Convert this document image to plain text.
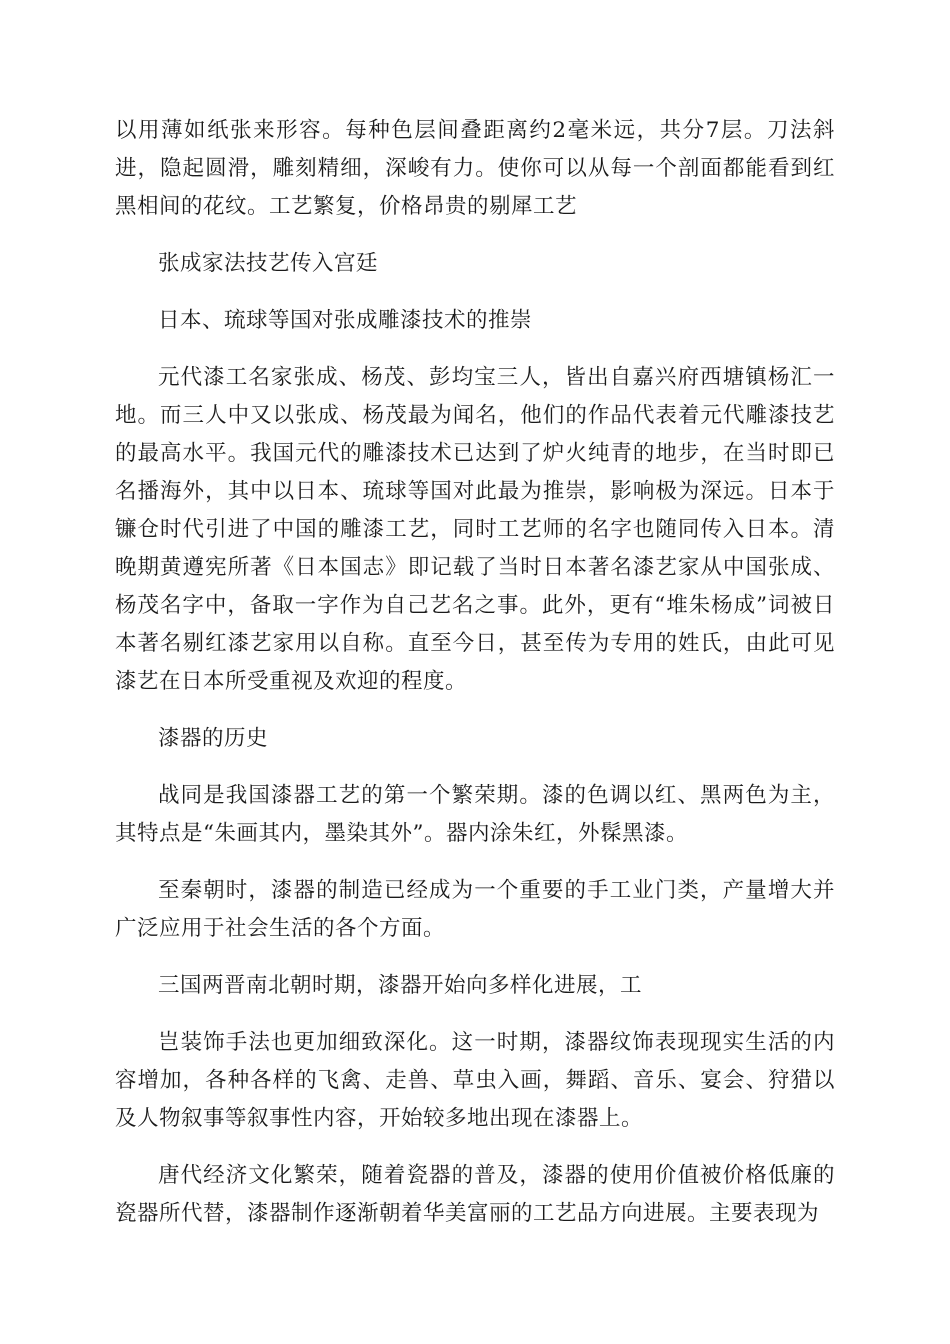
以用薄如纸张来形容。每种色层间叠距离约2毫米远，共分7层。刀法斜进，隐起圆滑，雕刻精细，深峻有力。使你可以从每一个剖面都能看到红黑相间的花纹。工艺繁复，价格昂贵的剔犀工艺

张成家法技艺传入宫廷

日本、琉球等国对张成雕漆技术的推崇

元代漆工名家张成、杨茂、彭均宝三人，皆出自嘉兴府西塘镇杨汇一地。而三人中又以张成、杨茂最为闻名，他们的作品代表着元代雕漆技艺的最高水平。我国元代的雕漆技术已达到了炉火纯青的地步，在当时即已名播海外，其中以日本、琉球等国对此最为推崇，影响极为深远。日本于镰仓时代引进了中国的雕漆工艺，同时工艺师的名字也随同传入日本。清晚期黄遵宪所著《日本国志》即记载了当时日本著名漆艺家从中国张成、杨茂名字中，备取一字作为自己艺名之事。此外，更有“堆朱杨成”词被日本著名剔红漆艺家用以自称。直至今日，甚至传为专用的姓氏，由此可见漆艺在日本所受重视及欢迎的程度。

漆器的历史

战同是我国漆器工艺的第一个繁荣期。漆的色调以红、黑两色为主，其特点是“朱画其内，墨染其外”。器内涂朱红，外髹黑漆。

至秦朝时，漆器的制造已经成为一个重要的手工业门类，产量增大并广泛应用于社会生活的各个方面。

三国两晋南北朝时期，漆器开始向多样化进展，工

岂装饰手法也更加细致深化。这一时期，漆器纹饰表现现实生活的内容增加，各种各样的飞禽、走兽、草虫入画，舞蹈、音乐、宴会、狩猎以及人物叙事等叙事性内容，开始较多地出现在漆器上。

唐代经济文化繁荣，随着瓷器的普及，漆器的使用价值被价格低廉的瓷器所代替，漆器制作逐渐朝着华美富丽的工艺品方向进展。主要表现为
